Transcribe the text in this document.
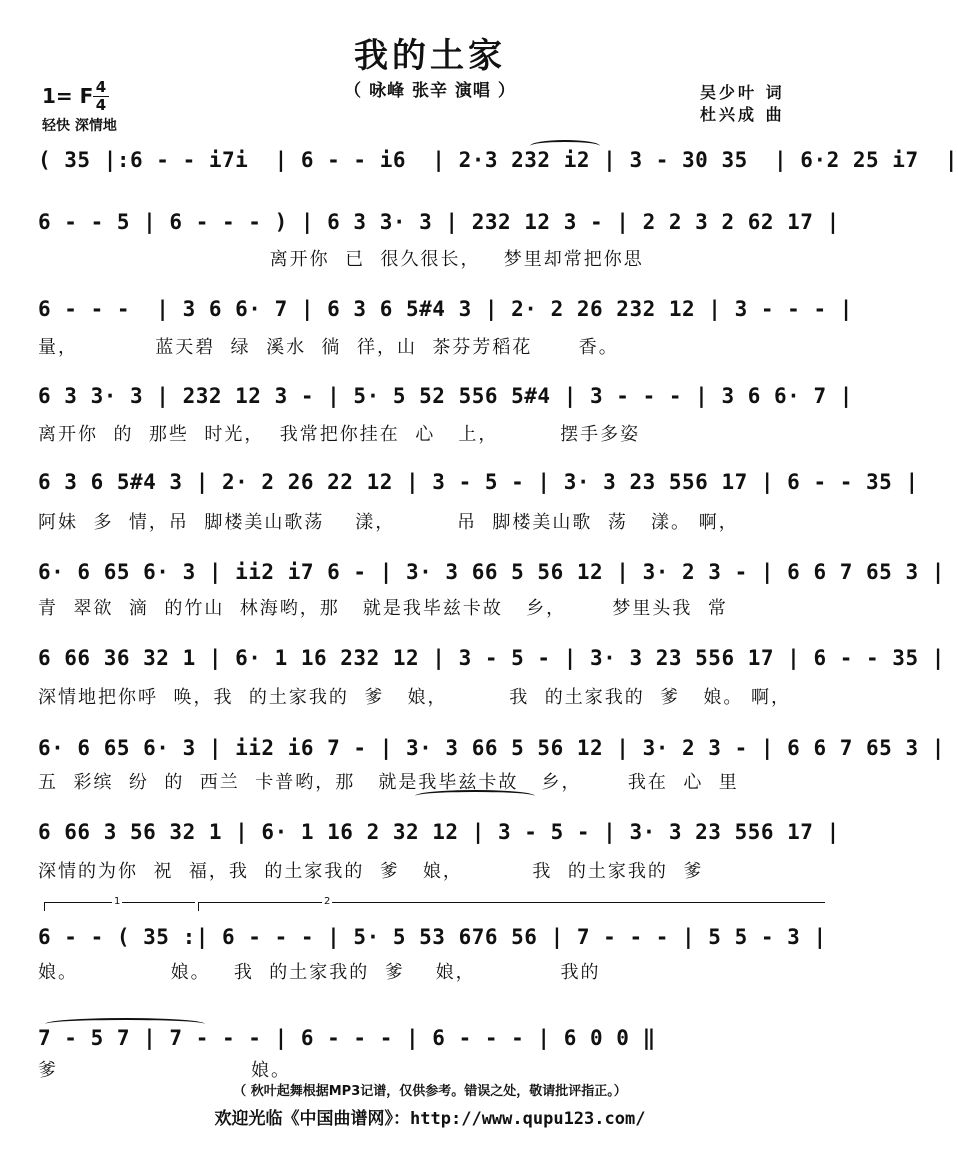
我的土家
（ 咏峰 张辛 演唱 ）
1= F 4
4
轻快 深情地
吴少叶 词
杜兴成 曲
( 35 |:6 - - i7i  | 6 - - i6  | 2·3 232 i2 | 3 - 30 35  | 6·2 25 i7  |
6 - - 5 | 6 - - - ) | 6 3 3· 3 | 232 12 3 - | 2 2 3 2 62 17 |
离开你  已  很久很长，   梦里却常把你思
6 - - -  | 3 6 6· 7 | 6 3 6 5#4 3 | 2· 2 26 232 12 | 3 - - - |
量，          蓝天碧  绿  溪水  徜  徉，山  茶芬芳稻花      香。
6 3 3· 3 | 232 12 3 - | 5· 5 52 556 5#4 | 3 - - - | 3 6 6· 7 |
离开你  的  那些  时光，  我常把你挂在  心   上，        摆手多姿
6 3 6 5#4 3 | 2· 2 26 22 12 | 3 - 5 - | 3· 3 23 556 17 | 6 - - 35 |
阿妹  多  情，吊  脚楼美山歌荡    漾，        吊  脚楼美山歌  荡   漾。 啊，
6· 6 65 6· 3 | ii2 i7 6 - | 3· 3 66 5 56 12 | 3· 2 3 - | 6 6 7 65 3 |
青  翠欲  滴  的竹山  林海哟，那   就是我毕兹卡故   乡，      梦里头我  常
6 66 36 32 1 | 6· 1 16 232 12 | 3 - 5 - | 3· 3 23 556 17 | 6 - - 35 |
深情地把你呼  唤，我  的土家我的  爹   娘，        我  的土家我的  爹   娘。 啊，
6· 6 65 6· 3 | ii2 i6 7 - | 3· 3 66 5 56 12 | 3· 2 3 - | 6 6 7 65 3 |
五  彩缤  纷  的  西兰  卡普哟，那   就是我毕兹卡故   乡，      我在  心  里
6 66 3 56 32 1 | 6· 1 16 2 32 12 | 3 - 5 - | 3· 3 23 556 17 |
深情的为你  祝  福，我  的土家我的  爹   娘，         我  的土家我的  爹
1	2
6 - - ( 35 :| 6 - - - | 5· 5 53 676 56 | 7 - - - | 5 5 - 3 |
娘。            娘。   我  的土家我的  爹    娘，           我的
7 - 5 7 | 7 - - - | 6 - - - | 6 - - - | 6 0 0 ‖
爹                         娘。
（ 秋叶起舞根据MP3记谱，仅供参考。错误之处，敬请批评指正。）
欢迎光临《中国曲谱网》：http://www.qupu123.com/
